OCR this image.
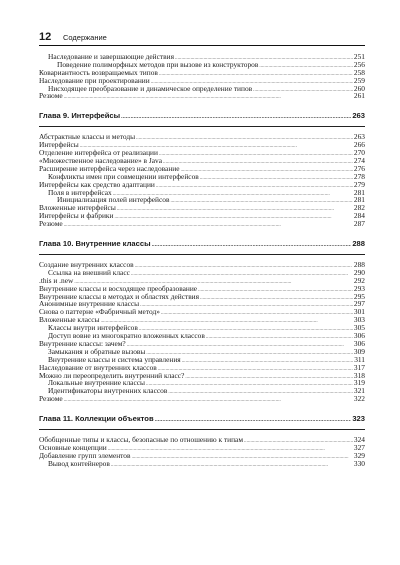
12 Содержание
Наследование и завершающие действия . . .	251
Поведение полиморфных методов при вызове из конструкторов . . .	256
Ковариантность возвращаемых типов . . .	258
Наследование при проектировании . . .	259
Нисходящее преобразование и динамическое определение типов . . .	260
Резюме . . .	261
Глава 9. Интерфейсы . . .	263
Абстрактные классы и методы . . .	263
Интерфейсы . . .	266
Отделение интерфейса от реализации . . .	270
«Множественное наследование» в Java . . .	274
Расширение интерфейса через наследование . . .	276
Конфликты имен при совмещении интерфейсов . . .	278
Интерфейсы как средство адаптации . . .	279
Поля в интерфейсах . . .	281
Инициализация полей интерфейсов . . .	281
Вложенные интерфейсы . . .	282
Интерфейсы и фабрики . . .	284
Резюме . . .	287
Глава 10. Внутренние классы . . .	288
Создание внутренних классов . . .	288
Ссылка на внешний класс . . .	290
.this и .new . . .	292
Внутренние классы и восходящее преобразование . . .	293
Внутренние классы в методах и областях действия . . .	295
Анонимные внутренние классы . . .	297
Снова о паттерне «Фабричный метод» . . .	301
Вложенные классы . . .	303
Классы внутри интерфейсов . . .	305
Доступ вовне из многократно вложенных классов . . .	306
Внутренние классы: зачем? . . .	306
Замыкания и обратные вызовы . . .	309
Внутренние классы и система управления . . .	311
Наследование от внутренних классов . . .	317
Можно ли переопределить внутренний класс? . . .	318
Локальные внутренние классы . . .	319
Идентификаторы внутренних классов . . .	321
Резюме . . .	322
Глава 11. Коллекции объектов . . .	323
Обобщенные типы и классы, безопасные по отношению к типам . . .	324
Основные концепции . . .	327
Добавление групп элементов . . .	329
Вывод контейнеров . . .	330
